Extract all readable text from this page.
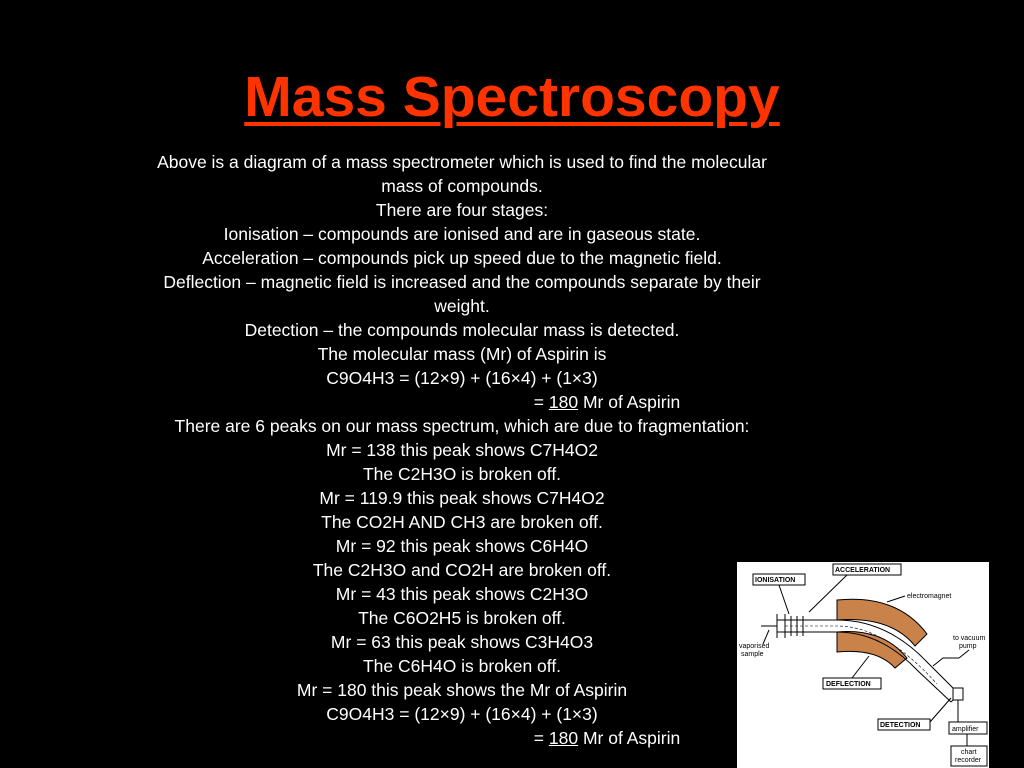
Mass Spectroscopy
Above is a diagram of a mass spectrometer which is used to find the molecular
mass of compounds.
There are four stages:
Ionisation – compounds are ionised and are in gaseous state.
Acceleration – compounds pick up speed due to the magnetic field.
Deflection – magnetic field is increased and the compounds separate by their
weight.
Detection – the compounds molecular mass is detected.
The molecular mass (Mr) of Aspirin is
C9O4H3 = (12×9) + (16×4) + (1×3)
= 180 Mr of Aspirin
There are 6 peaks on our mass spectrum, which are due to fragmentation:
Mr = 138 this peak shows C7H4O2
The C2H3O is broken off.
Mr = 119.9 this peak shows C7H4O2
The CO2H AND CH3 are broken off.
Mr = 92 this peak shows C6H4O
The C2H3O and CO2H are broken off.
Mr = 43 this peak shows C2H3O
The C6O2H5 is broken off.
Mr = 63 this peak shows C3H4O3
The C6H4O is broken off.
Mr = 180 this peak shows the Mr of Aspirin
C9O4H3 = (12×9) + (16×4) + (1×3)
= 180 Mr of Aspirin
IONISATION
ACCELERATION
electromagnet
vaporised
sample
to vacuum
pump
DEFLECTION
DETECTION
amplifier
chart
recorder
